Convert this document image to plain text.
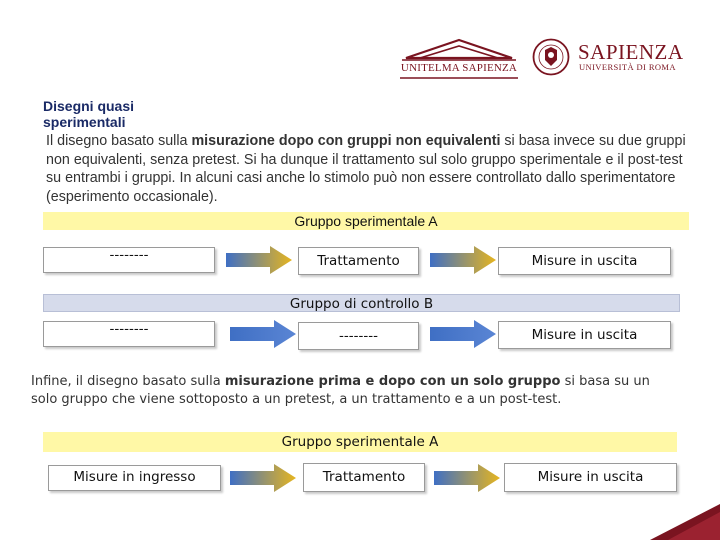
UNITELMA SAPIENZA
SAPIENZA
UNIVERSITÀ DI ROMA
Disegni quasi sperimentali
Il disegno basato sulla misurazione dopo con gruppi non equivalenti si basa invece su due gruppi non equivalenti, senza pretest. Si ha dunque il trattamento sul solo gruppo sperimentale e il post-test su entrambi i gruppi. In alcuni casi anche lo stimolo può non essere controllato dallo sperimentatore (esperimento occasionale).
Gruppo sperimentale A
--------	Trattamento	Misure in uscita
Gruppo di controllo B
--------	--------	Misure in uscita
Infine, il disegno basato sulla misurazione prima e dopo con un solo gruppo si basa su un solo gruppo che viene sottoposto a un pretest, a un trattamento e a un post-test.
Gruppo sperimentale A
Misure in ingresso	Trattamento	Misure in uscita
